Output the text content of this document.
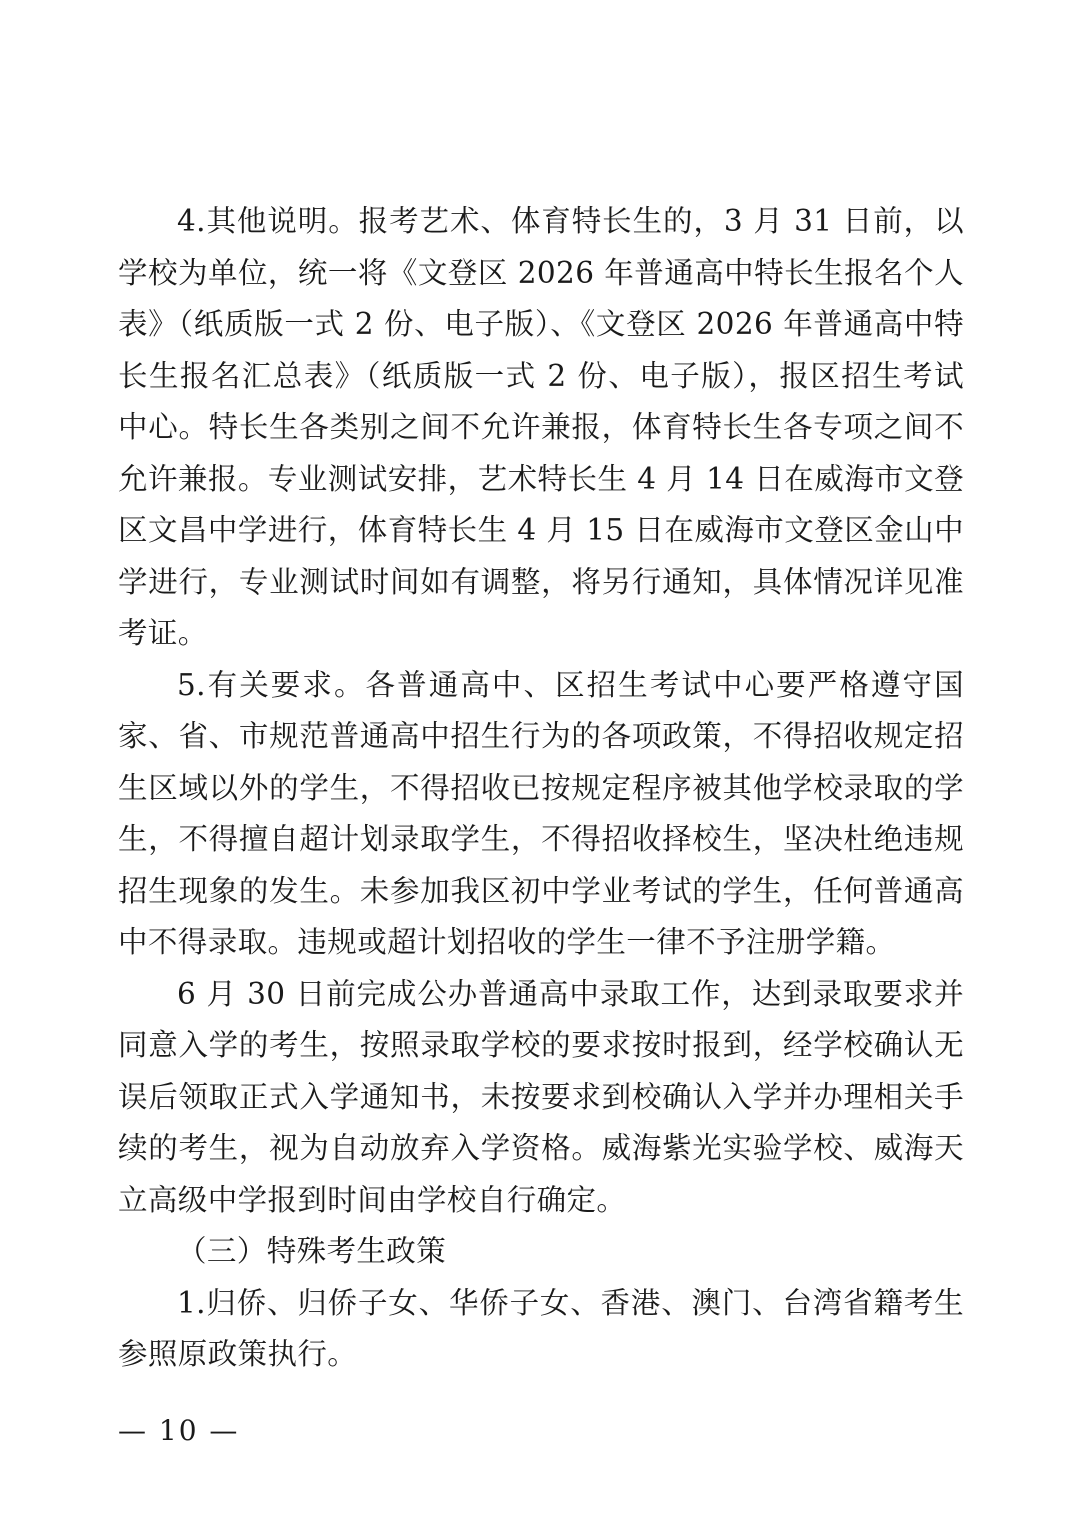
4.其他说明。报考艺术、体育特长生的，3 月 31 日前，以学校为单位，统一将《文登区 2026 年普通高中特长生报名个人表》（纸质版一式 2 份、电子版）、《文登区 2026 年普通高中特长生报名汇总表》（纸质版一式 2 份、电子版），报区招生考试中心。特长生各类别之间不允许兼报，体育特长生各专项之间不允许兼报。专业测试安排，艺术特长生 4 月 14 日在威海市文登区文昌中学进行，体育特长生 4 月 15 日在威海市文登区金山中学进行，专业测试时间如有调整，将另行通知，具体情况详见准考证。

5.有关要求。各普通高中、区招生考试中心要严格遵守国家、省、市规范普通高中招生行为的各项政策，不得招收规定招生区域以外的学生，不得招收已按规定程序被其他学校录取的学生，不得擅自超计划录取学生，不得招收择校生，坚决杜绝违规招生现象的发生。未参加我区初中学业考试的学生，任何普通高中不得录取。违规或超计划招收的学生一律不予注册学籍。

6 月 30 日前完成公办普通高中录取工作，达到录取要求并同意入学的考生，按照录取学校的要求按时报到，经学校确认无误后领取正式入学通知书，未按要求到校确认入学并办理相关手续的考生，视为自动放弃入学资格。威海紫光实验学校、威海天立高级中学报到时间由学校自行确定。

（三）特殊考生政策

1.归侨、归侨子女、华侨子女、香港、澳门、台湾省籍考生参照原政策执行。

— 10 —
